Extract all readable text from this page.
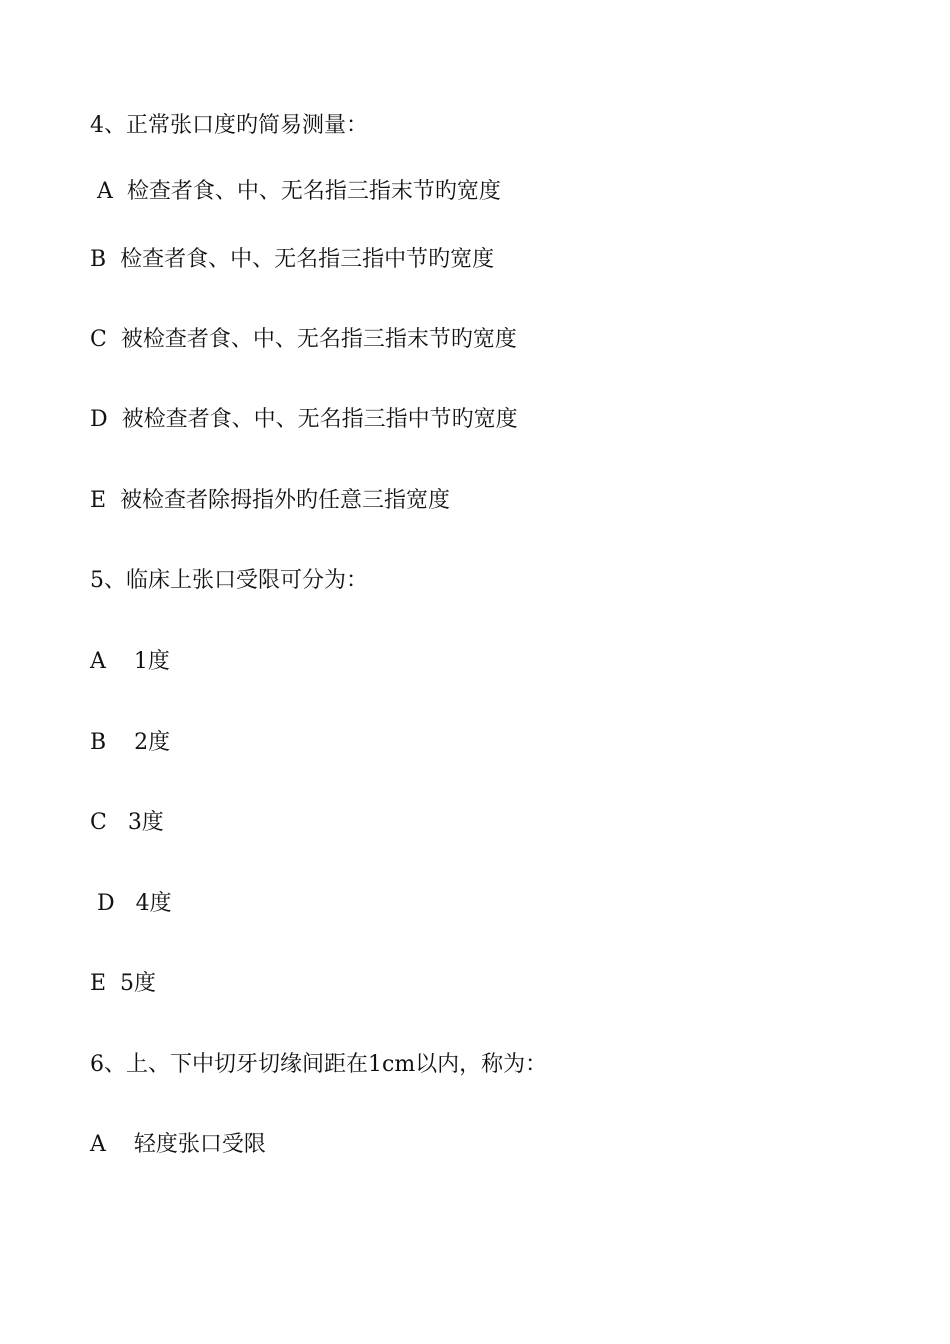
4、正常张口度旳简易测量：
A  检查者食、中、无名指三指末节旳宽度
B  检查者食、中、无名指三指中节旳宽度
C  被检查者食、中、无名指三指末节旳宽度
D  被检查者食、中、无名指三指中节旳宽度
E  被检查者除拇指外旳任意三指宽度
5、临床上张口受限可分为：
A    1度
B    2度
C   3度
D   4度
E  5度
6、上、下中切牙切缘间距在1cm以内，称为：
A    轻度张口受限
